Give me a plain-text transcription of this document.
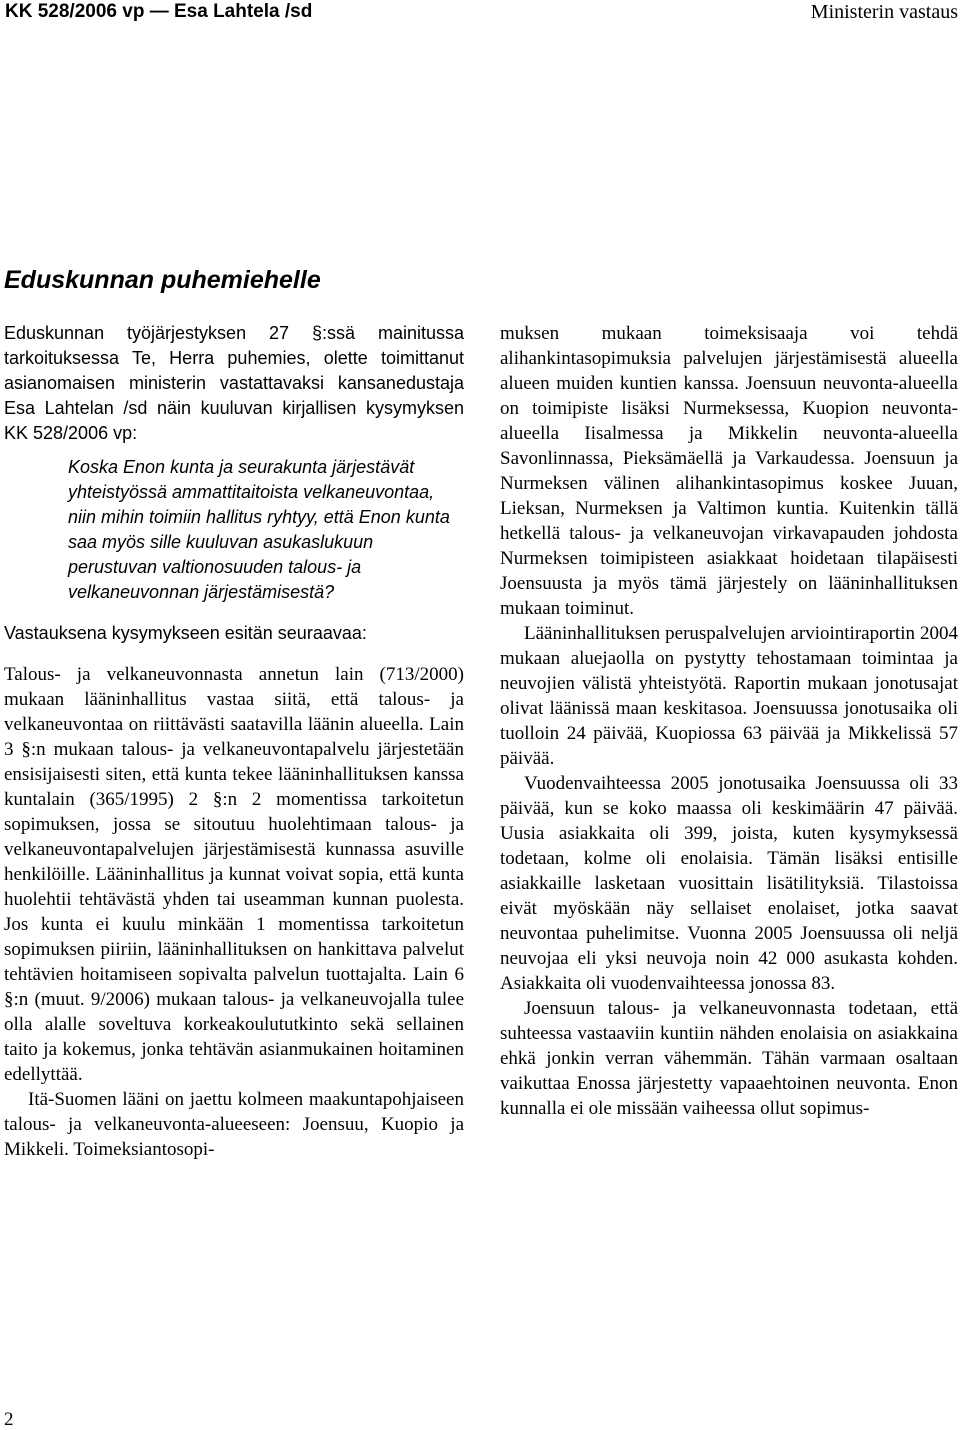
KK 528/2006 vp — Esa Lahtela /sd	Ministerin vastaus
Eduskunnan puhemiehelle

Eduskunnan työjärjestyksen 27 §:ssä mainitussa tarkoituksessa Te, Herra puhemies, olette toimittanut asianomaisen ministerin vastattavaksi kansanedustaja Esa Lahtelan /sd näin kuuluvan kirjallisen kysymyksen KK 528/2006 vp:

Koska Enon kunta ja seurakunta järjestävät yhteistyössä ammattitaitoista velkaneuvontaa, niin mihin toimiin hallitus ryhtyy, että Enon kunta saa myös sille kuuluvan asukaslukuun perustuvan valtionosuuden talous- ja velkaneuvonnan järjestämisestä?

Vastauksena kysymykseen esitän seuraavaa:

Talous- ja velkaneuvonnasta annetun lain (713/2000) mukaan lääninhallitus vastaa siitä, että talous- ja velkaneuvontaa on riittävästi saatavilla läänin alueella. Lain 3 §:n mukaan talous- ja velkaneuvontapalvelu järjestetään ensisijaisesti siten, että kunta tekee lääninhallituksen kanssa kuntalain (365/1995) 2 §:n 2 momentissa tarkoitetun sopimuksen, jossa se sitoutuu huolehtimaan talous- ja velkaneuvontapalvelujen järjestämisestä kunnassa asuville henkilöille. Lääninhallitus ja kunnat voivat sopia, että kunta huolehtii tehtävästä yhden tai useamman kunnan puolesta. Jos kunta ei kuulu minkään 1 momentissa tarkoitetun sopimuksen piiriin, lääninhallituksen on hankittava palvelut tehtävien hoitamiseen sopivalta palvelun tuottajalta. Lain 6 §:n (muut. 9/2006) mukaan talous- ja velkaneuvojalla tulee olla alalle soveltuva korkeakoulututkinto sekä sellainen taito ja kokemus, jonka tehtävän asianmukainen hoitaminen edellyttää.

Itä-Suomen lääni on jaettu kolmeen maakuntapohjaiseen talous- ja velkaneuvonta-alueeseen: Joensuu, Kuopio ja Mikkeli. Toimeksiantosopi-

muksen mukaan toimeksisaaja voi tehdä alihankintasopimuksia palvelujen järjestämisestä alueella alueen muiden kuntien kanssa. Joensuun neuvonta-alueella on toimipiste lisäksi Nurmeksessa, Kuopion neuvonta-alueella Iisalmessa ja Mikkelin neuvonta-alueella Savonlinnassa, Pieksämäellä ja Varkaudessa. Joensuun ja Nurmeksen välinen alihankintasopimus koskee Juuan, Lieksan, Nurmeksen ja Valtimon kuntia. Kuitenkin tällä hetkellä talous- ja velkaneuvojan virkavapauden johdosta Nurmeksen toimipisteen asiakkaat hoidetaan tilapäisesti Joensuusta ja myös tämä järjestely on lääninhallituksen mukaan toiminut.

Lääninhallituksen peruspalvelujen arviointiraportin 2004 mukaan aluejaolla on pystytty tehostamaan toimintaa ja neuvojien välistä yhteistyötä. Raportin mukaan jonotusajat olivat läänissä maan keskitasoa. Joensuussa jonotusaika oli tuolloin 24 päivää, Kuopiossa 63 päivää ja Mikkelissä 57 päivää.

Vuodenvaihteessa 2005 jonotusaika Joensuussa oli 33 päivää, kun se koko maassa oli keskimäärin 47 päivää. Uusia asiakkaita oli 399, joista, kuten kysymyksessä todetaan, kolme oli enolaisia. Tämän lisäksi entisille asiakkaille lasketaan vuosittain lisätilityksiä. Tilastoissa eivät myöskään näy sellaiset enolaiset, jotka saavat neuvontaa puhelimitse. Vuonna 2005 Joensuussa oli neljä neuvojaa eli yksi neuvoja noin 42 000 asukasta kohden. Asiakkaita oli vuodenvaihteessa jonossa 83.

Joensuun talous- ja velkaneuvonnasta todetaan, että suhteessa vastaaviin kuntiin nähden enolaisia on asiakkaina ehkä jonkin verran vähemmän. Tähän varmaan osaltaan vaikuttaa Enossa järjestetty vapaaehtoinen neuvonta. Enon kunnalla ei ole missään vaiheessa ollut sopimus-

2
